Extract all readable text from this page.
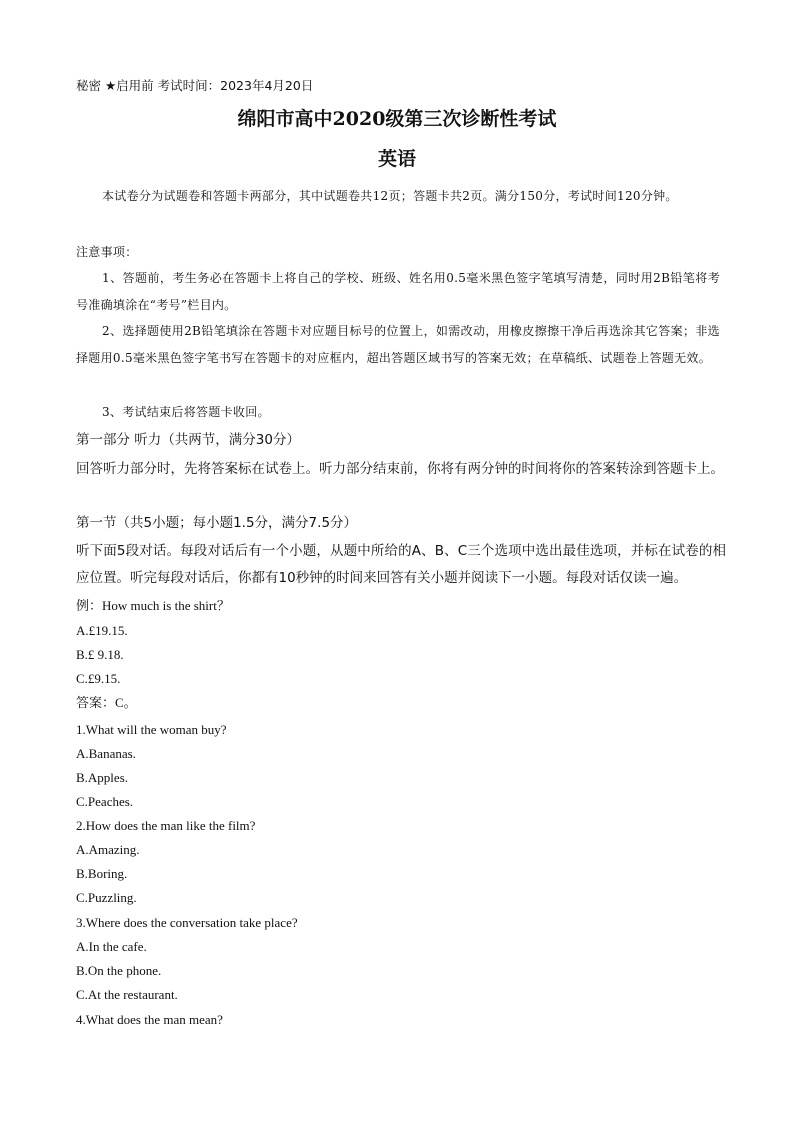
秘密 ★启用前 考试时间：2023年4月20日
绵阳市高中2020级第三次诊断性考试
英语
本试卷分为试题卷和答题卡两部分，其中试题卷共12页；答题卡共2页。满分150分，考试时间120分钟。
注意事项：
1、答题前，考生务必在答题卡上将自己的学校、班级、姓名用0.5毫米黑色签字笔填写清楚，同时用2B铅笔将考号准确填涂在“考号”栏目内。
2、选择题使用2B铅笔填涂在答题卡对应题目标号的位置上，如需改动，用橡皮擦擦干净后再选涂其它答案；非选择题用0.5毫米黑色签字笔书写在答题卡的对应框内，超出答题区域书写的答案无效；在草稿纸、试题卷上答题无效。
3、考试结束后将答题卡收回。
第一部分 听力（共两节，满分30分）
回答听力部分时，先将答案标在试卷上。听力部分结束前，你将有两分钟的时间将你的答案转涂到答题卡上。
第一节（共5小题；每小题1.5分，满分7.5分）
听下面5段对话。每段对话后有一个小题，从题中所给的A、B、C三个选项中选出最佳选项，并标在试卷的相应位置。听完每段对话后，你都有10秒钟的时间来回答有关小题并阅读下一小题。每段对话仅读一遍。
例：How much is the shirt？
A.£19.15.
B.£ 9.18.
C.£9.15.
答案：C。
1.What will the woman buy?
A.Bananas.
B.Apples.
C.Peaches.
2.How does the man like the film?
A.Amazing.
B.Boring.
C.Puzzling.
3.Where does the conversation take place?
A.In the cafe.
B.On the phone.
C.At the restaurant.
4.What does the man mean?
